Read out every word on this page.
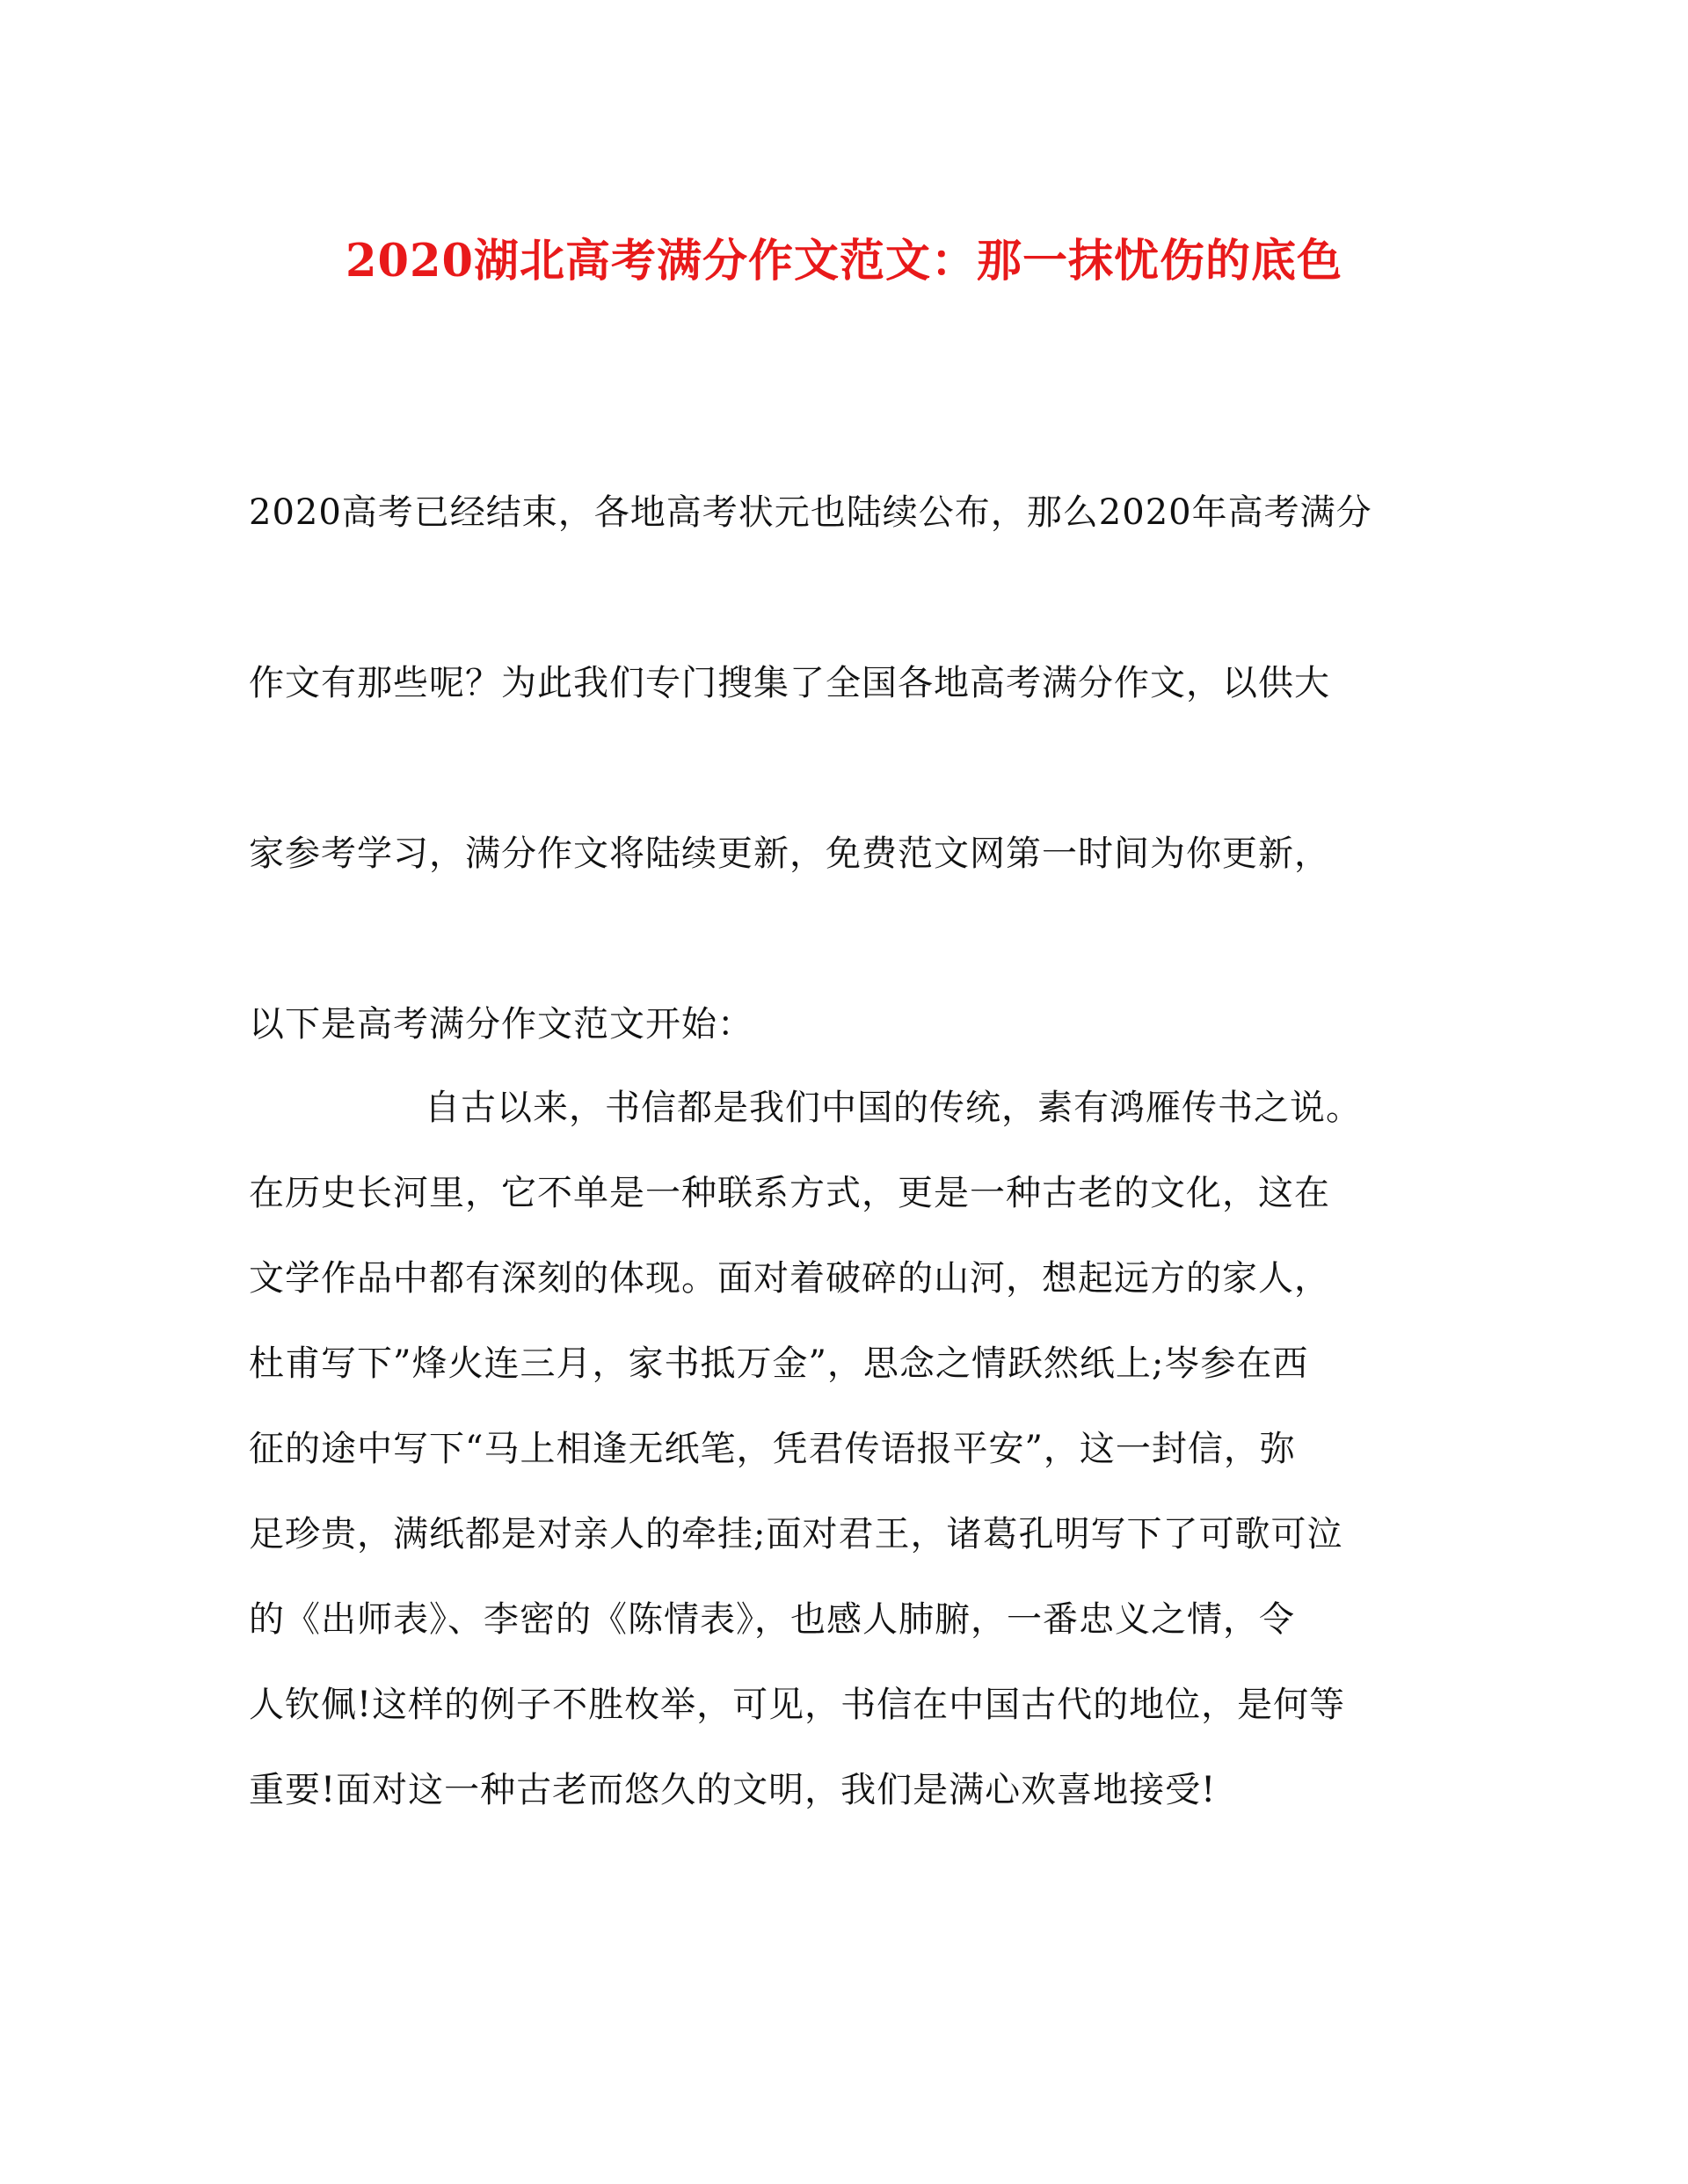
2020湖北高考满分作文范文：那一抹忧伤的底色

2020高考已经结束，各地高考状元也陆续公布，那么2020年高考满分

作文有那些呢？为此我们专门搜集了全国各地高考满分作文，以供大

家参考学习，满分作文将陆续更新，免费范文网第一时间为你更新，

以下是高考满分作文范文开始：

自古以来，书信都是我们中国的传统，素有鸿雁传书之说。
在历史长河里，它不单是一种联系方式，更是一种古老的文化，这在
文学作品中都有深刻的体现。面对着破碎的山河，想起远方的家人，
杜甫写下”烽火连三月，家书抵万金”，思念之情跃然纸上;岑参在西
征的途中写下“马上相逢无纸笔，凭君传语报平安”，这一封信，弥
足珍贵，满纸都是对亲人的牵挂;面对君王，诸葛孔明写下了可歌可泣
的《出师表》、李密的《陈情表》，也感人肺腑，一番忠义之情，令
人钦佩!这样的例子不胜枚举，可见，书信在中国古代的地位，是何等
重要!面对这一种古老而悠久的文明，我们是满心欢喜地接受!
